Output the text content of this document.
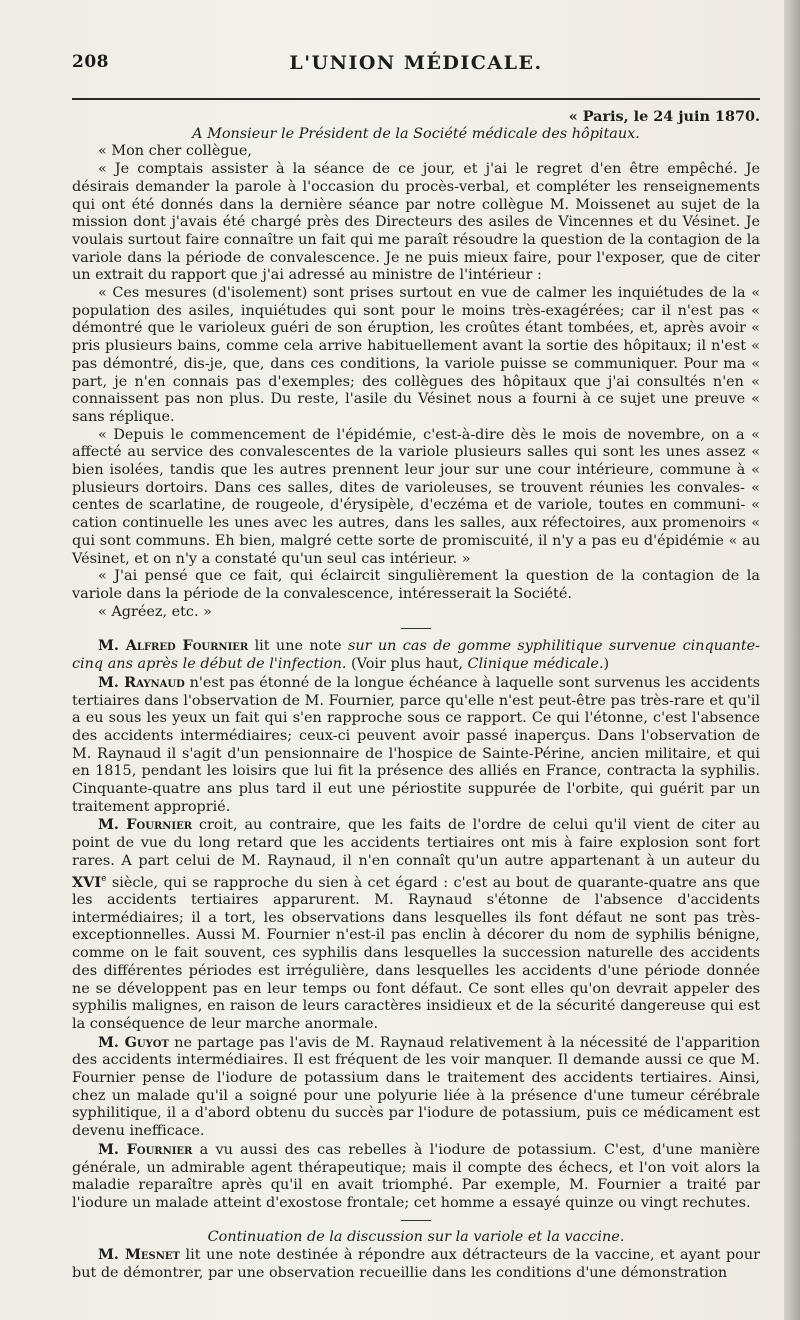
208	L'UNION MÉDICALE.

« Paris, le 24 juin 1870.

A Monsieur le Président de la Société médicale des hôpitaux.

« Mon cher collègue,

« Je comptais assister à la séance de ce jour, et j'ai le regret d'en être empêché. Je désirais demander la parole à l'occasion du procès-verbal, et compléter les renseignements qui ont été donnés dans la dernière séance par notre collègue M. Moissenet au sujet de la mission dont j'avais été chargé près des Directeurs des asiles de Vincennes et du Vésinet. Je voulais surtout faire connaître un fait qui me paraît résoudre la question de la contagion de la variole dans la période de convalescence. Je ne puis mieux faire, pour l'exposer, que de citer un extrait du rapport que j'ai adressé au ministre de l'intérieur :

« Ces mesures (d'isolement) sont prises surtout en vue de calmer les inquiétudes de la « population des asiles, inquiétudes qui sont pour le moins très-exagérées; car il n'est pas « démontré que le varioleux guéri de son éruption, les croûtes étant tombées, et, après avoir « pris plusieurs bains, comme cela arrive habituellement avant la sortie des hôpitaux; il n'est « pas démontré, dis-je, que, dans ces conditions, la variole puisse se communiquer. Pour ma « part, je n'en connais pas d'exemples; des collègues des hôpitaux que j'ai consultés n'en « connaissent pas non plus. Du reste, l'asile du Vésinet nous a fourni à ce sujet une preuve « sans réplique.

« Depuis le commencement de l'épidémie, c'est-à-dire dès le mois de novembre, on a « affecté au service des convalescentes de la variole plusieurs salles qui sont les unes assez « bien isolées, tandis que les autres prennent leur jour sur une cour intérieure, commune à « plusieurs dortoirs. Dans ces salles, dites de varioleuses, se trouvent réunies les convales- « centes de scarlatine, de rougeole, d'érysipèle, d'eczéma et de variole, toutes en communi- « cation continuelle les unes avec les autres, dans les salles, aux réfectoires, aux promenoirs « qui sont communs. Eh bien, malgré cette sorte de promiscuité, il n'y a pas eu d'épidémie « au Vésinet, et on n'y a constaté qu'un seul cas intérieur. »

« J'ai pensé que ce fait, qui éclaircit singulièrement la question de la contagion de la variole dans la période de la convalescence, intéresserait la Société.

« Agréez, etc. »

M. Alfred Fournier lit une note sur un cas de gomme syphilitique survenue cinquante-cinq ans après le début de l'infection. (Voir plus haut, Clinique médicale.)

M. Raynaud n'est pas étonné de la longue échéance à laquelle sont survenus les accidents tertiaires dans l'observation de M. Fournier, parce qu'elle n'est peut-être pas très-rare et qu'il a eu sous les yeux un fait qui s'en rapproche sous ce rapport. Ce qui l'étonne, c'est l'absence des accidents intermédiaires; ceux-ci peuvent avoir passé inaperçus. Dans l'observation de M. Raynaud il s'agit d'un pensionnaire de l'hospice de Sainte-Périne, ancien militaire, et qui en 1815, pendant les loisirs que lui fit la présence des alliés en France, contracta la syphilis. Cinquante-quatre ans plus tard il eut une périostite suppurée de l'orbite, qui guérit par un traitement approprié.

M. Fournier croit, au contraire, que les faits de l'ordre de celui qu'il vient de citer au point de vue du long retard que les accidents tertiaires ont mis à faire explosion sont fort rares. A part celui de M. Raynaud, il n'en connaît qu'un autre appartenant à un auteur du XVIe siècle, qui se rapproche du sien à cet égard : c'est au bout de quarante-quatre ans que les accidents tertiaires apparurent. M. Raynaud s'étonne de l'absence d'accidents intermédiaires; il a tort, les observations dans lesquelles ils font défaut ne sont pas très-exceptionnelles. Aussi M. Fournier n'est-il pas enclin à décorer du nom de syphilis bénigne, comme on le fait souvent, ces syphilis dans lesquelles la succession naturelle des accidents des différentes périodes est irrégulière, dans lesquelles les accidents d'une période donnée ne se développent pas en leur temps ou font défaut. Ce sont elles qu'on devrait appeler des syphilis malignes, en raison de leurs caractères insidieux et de la sécurité dangereuse qui est la conséquence de leur marche anormale.

M. Guyot ne partage pas l'avis de M. Raynaud relativement à la nécessité de l'apparition des accidents intermédiaires. Il est fréquent de les voir manquer. Il demande aussi ce que M. Fournier pense de l'iodure de potassium dans le traitement des accidents tertiaires. Ainsi, chez un malade qu'il a soigné pour une polyurie liée à la présence d'une tumeur cérébrale syphilitique, il a d'abord obtenu du succès par l'iodure de potassium, puis ce médicament est devenu inefficace.

M. Fournier a vu aussi des cas rebelles à l'iodure de potassium. C'est, d'une manière générale, un admirable agent thérapeutique; mais il compte des échecs, et l'on voit alors la maladie reparaître après qu'il en avait triomphé. Par exemple, M. Fournier a traité par l'iodure un malade atteint d'exostose frontale; cet homme a essayé quinze ou vingt rechutes.

Continuation de la discussion sur la variole et la vaccine.

M. Mesnet lit une note destinée à répondre aux détracteurs de la vaccine, et ayant pour but de démontrer, par une observation recueillie dans les conditions d'une démonstration
